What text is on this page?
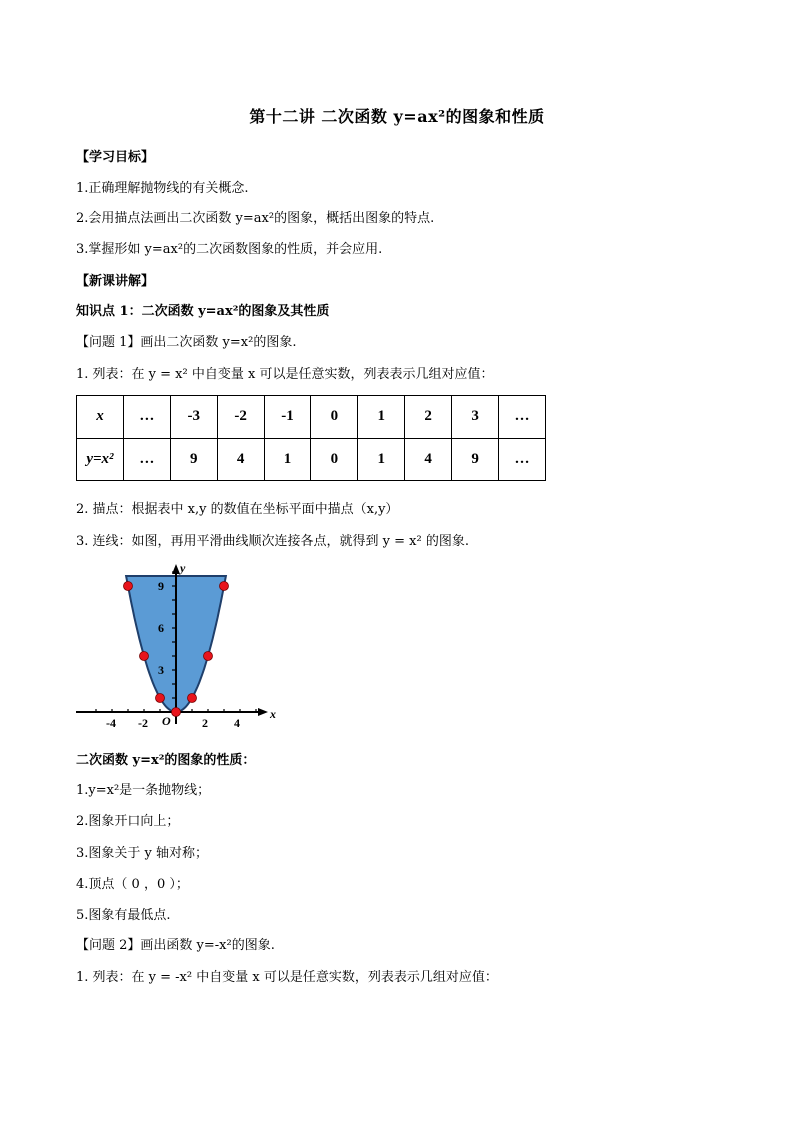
第十二讲 二次函数 y=ax²的图象和性质
【学习目标】
1.正确理解抛物线的有关概念.
2.会用描点法画出二次函数 y=ax²的图象，概括出图象的特点.
3.掌握形如 y=ax²的二次函数图象的性质，并会应用.
【新课讲解】
知识点 1：二次函数 y=ax²的图象及其性质
【问题 1】画出二次函数 y=x²的图象.
1. 列表：在 y = x² 中自变量 x 可以是任意实数，列表表示几组对应值：
x	…	-3	-2	-1	0	1	2	3	…
y=x²	…	9	4	1	0	1	4	9	…
2. 描点：根据表中 x,y 的数值在坐标平面中描点（x,y）
3. 连线：如图，再用平滑曲线顺次连接各点，就得到 y = x² 的图象.
x
y
O
-4 -2	2 4
3
6
9
二次函数 y=x²的图象的性质：
1.y=x²是一条抛物线；
2.图象开口向上；
3.图象关于 y 轴对称；
4.顶点（ 0 ，0 ）；
5.图象有最低点.
【问题 2】画出函数 y=-x²的图象.
1. 列表：在 y = -x² 中自变量 x 可以是任意实数，列表表示几组对应值：
